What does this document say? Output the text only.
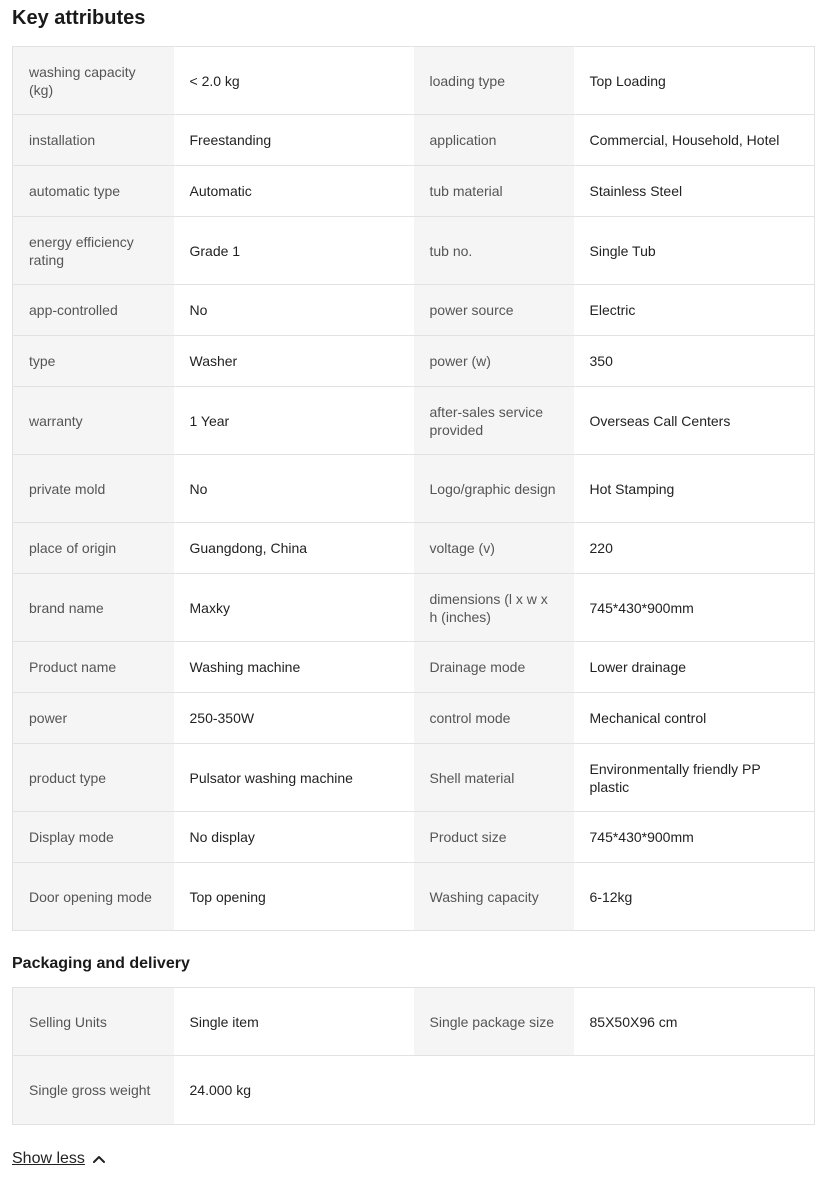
Key attributes
washing capacity (kg)	< 2.0 kg	loading type	Top Loading
installation	Freestanding	application	Commercial, Household, Hotel
automatic type	Automatic	tub material	Stainless Steel
energy efficiency rating	Grade 1	tub no.	Single Tub
app-controlled	No	power source	Electric
type	Washer	power (w)	350
warranty	1 Year	after-sales service provided	Overseas Call Centers
private mold	No	Logo/graphic design	Hot Stamping
place of origin	Guangdong, China	voltage (v)	220
brand name	Maxky	dimensions (l x w x h (inches)	745*430*900mm
Product name	Washing machine	Drainage mode	Lower drainage
power	250-350W	control mode	Mechanical control
product type	Pulsator washing machine	Shell material	Environmentally friendly PP plastic
Display mode	No display	Product size	745*430*900mm
Door opening mode	Top opening	Washing capacity	6-12kg
Packaging and delivery
Selling Units	Single item	Single package size	85X50X96 cm
Single gross weight	24.000 kg		
Show less
